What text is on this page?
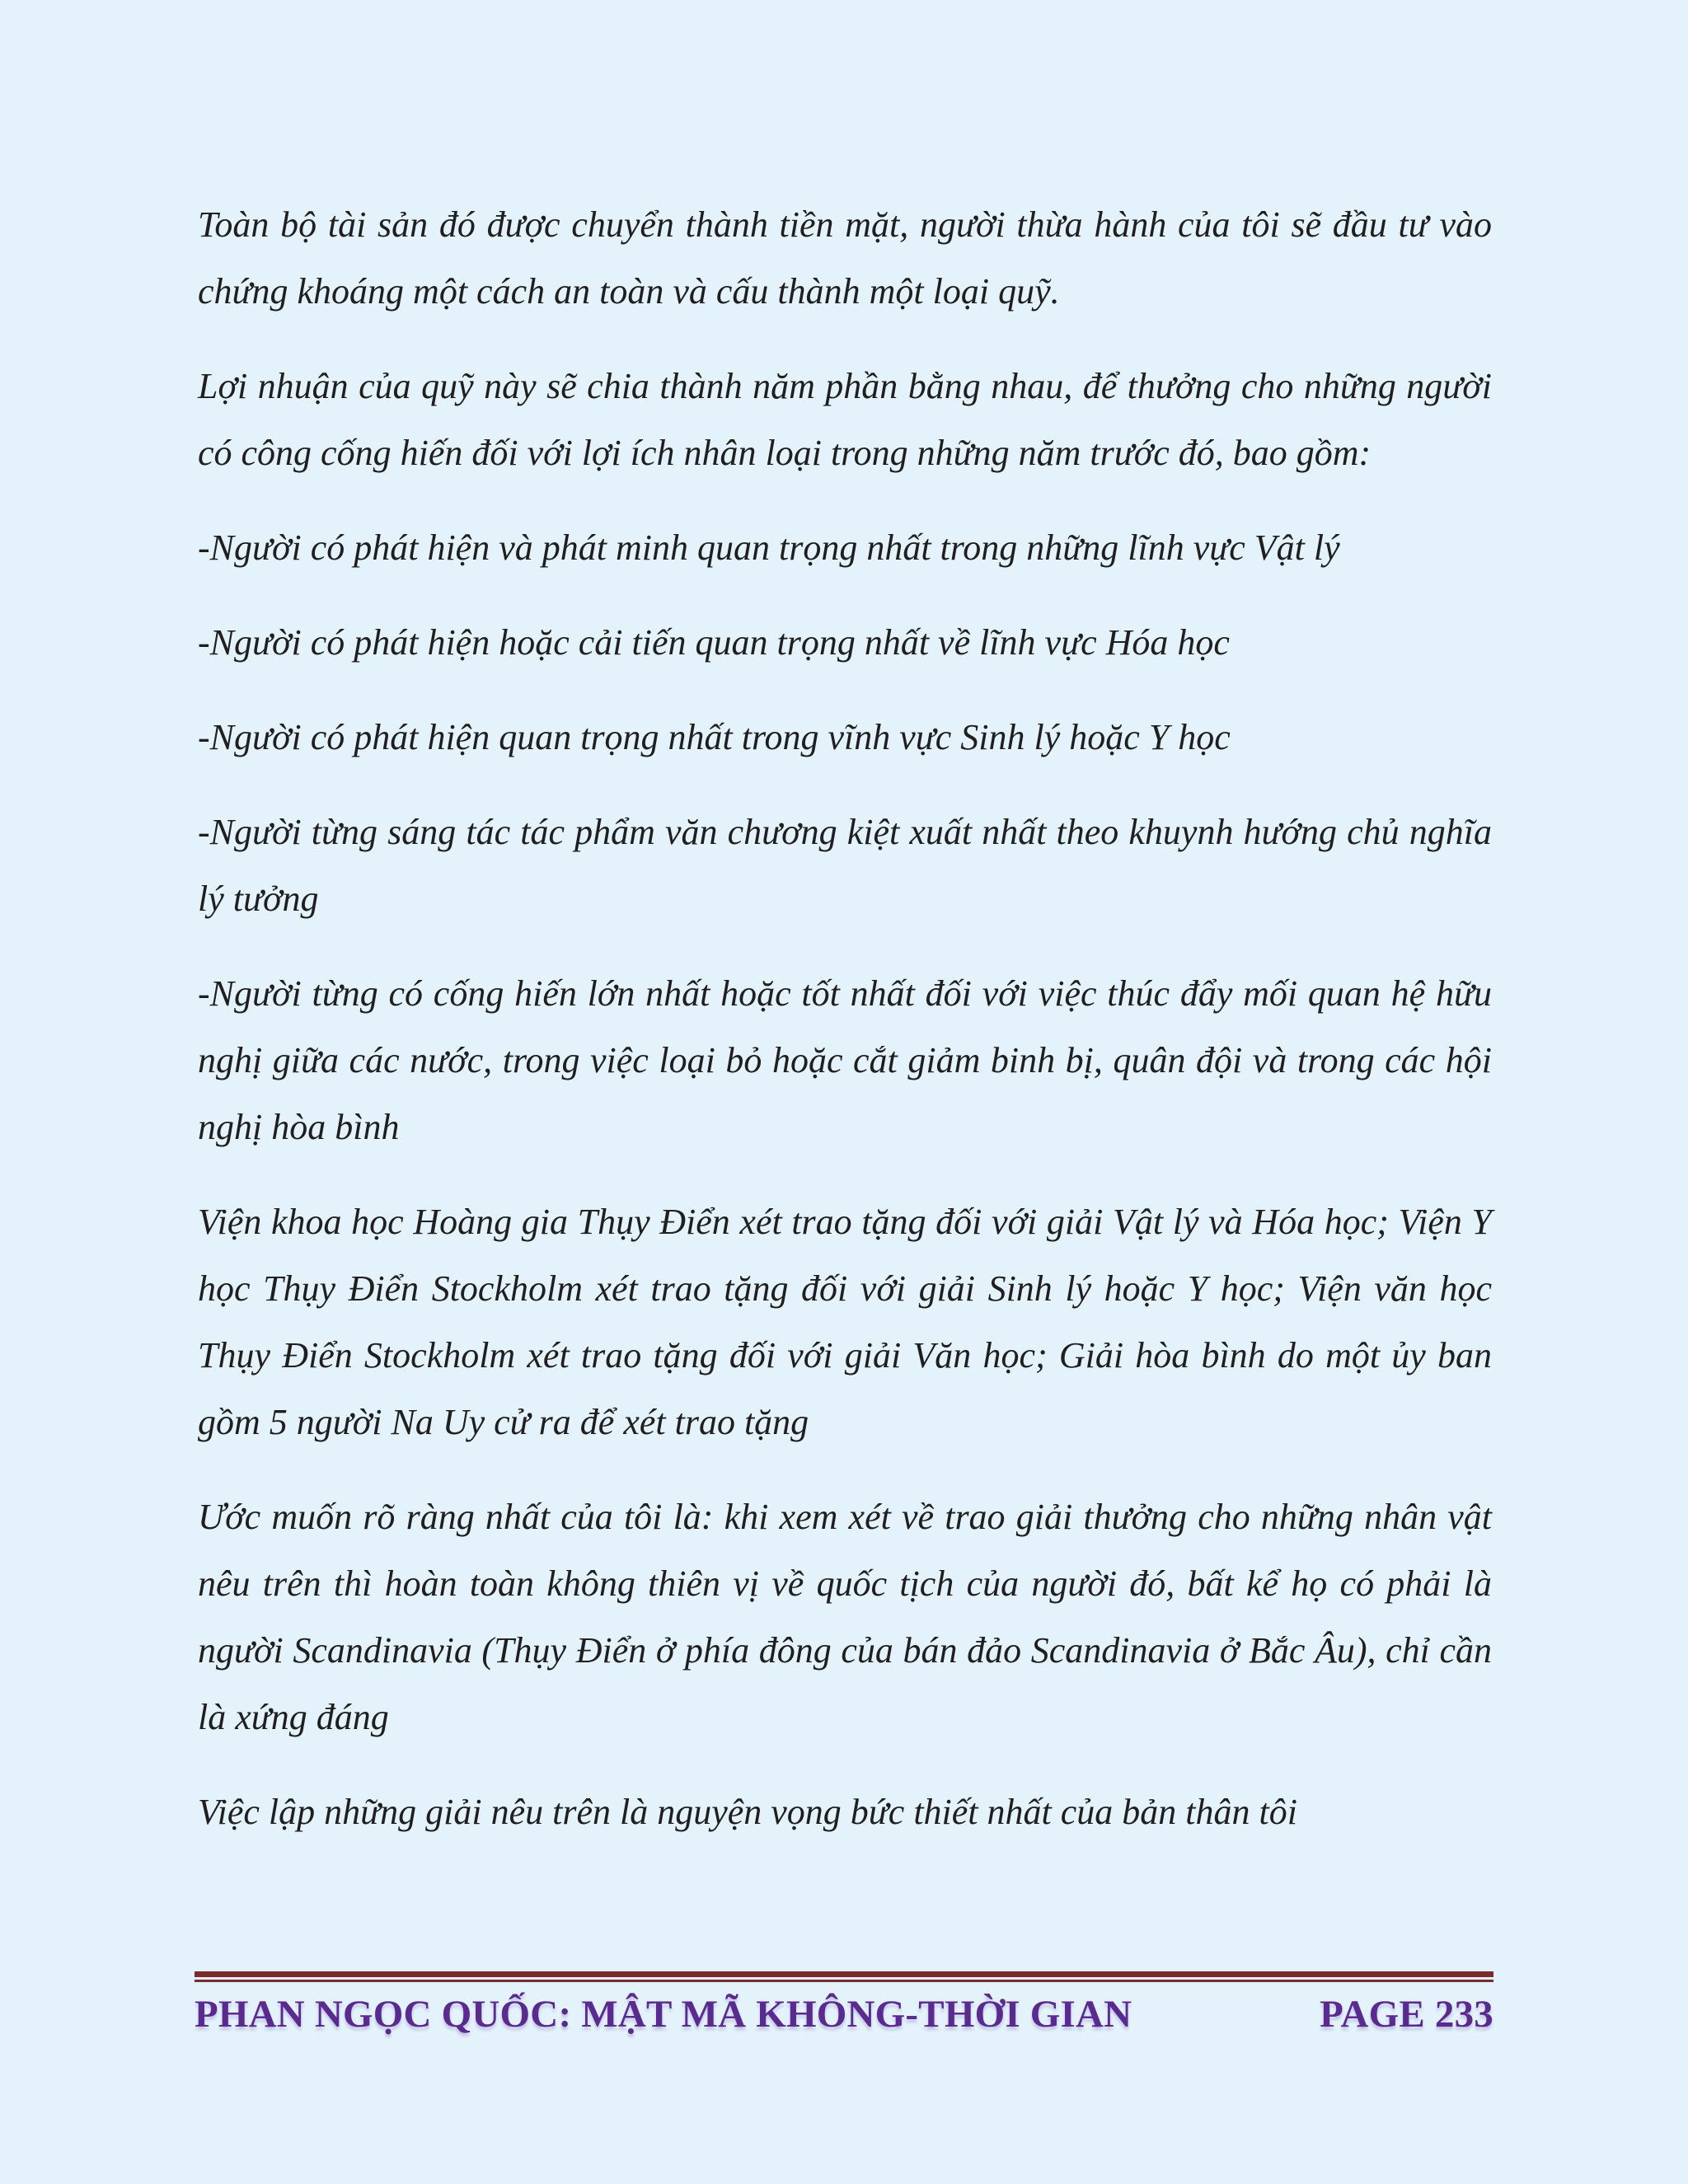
Toàn bộ tài sản đó được chuyển thành tiền mặt, người thừa hành của tôi sẽ đầu tư vào chứng khoáng một cách an toàn và cấu thành một loại quỹ.

Lợi nhuận của quỹ này sẽ chia thành năm phần bằng nhau, để thưởng cho những người có công cống hiến đối với lợi ích nhân loại trong những năm trước đó, bao gồm:

-Người có phát hiện và phát minh quan trọng nhất trong những lĩnh vực Vật lý

-Người có phát hiện hoặc cải tiến quan trọng nhất về lĩnh vực Hóa học

-Người có phát hiện quan trọng nhất trong vĩnh vực Sinh lý hoặc Y học

-Người từng sáng tác tác phẩm văn chương kiệt xuất nhất theo khuynh hướng chủ nghĩa lý tưởng

-Người từng có cống hiến lớn nhất hoặc tốt nhất đối với việc thúc đẩy mối quan hệ hữu nghị giữa các nước, trong việc loại bỏ hoặc cắt giảm binh bị, quân đội và trong các hội nghị hòa bình

Viện khoa học Hoàng gia Thụy Điển xét trao tặng đối với giải Vật lý và Hóa học; Viện Y học Thụy Điển Stockholm xét trao tặng đối với giải Sinh lý hoặc Y học; Viện văn học Thụy Điển Stockholm xét trao tặng đối với giải Văn học; Giải hòa bình do một ủy ban gồm 5 người Na Uy cử ra để xét trao tặng

Ước muốn rõ ràng nhất của tôi là: khi xem xét về trao giải thưởng cho những nhân vật nêu trên thì hoàn toàn không thiên vị về quốc tịch của người đó, bất kể họ có phải là người Scandinavia (Thụy Điển ở phía đông của bán đảo Scandinavia ở Bắc Âu), chỉ cần là xứng đáng

Việc lập những giải nêu trên là nguyện vọng bức thiết nhất của bản thân tôi

PHAN NGỌC QUỐC: MẬT MÃ KHÔNG-THỜI GIAN	PAGE 233
